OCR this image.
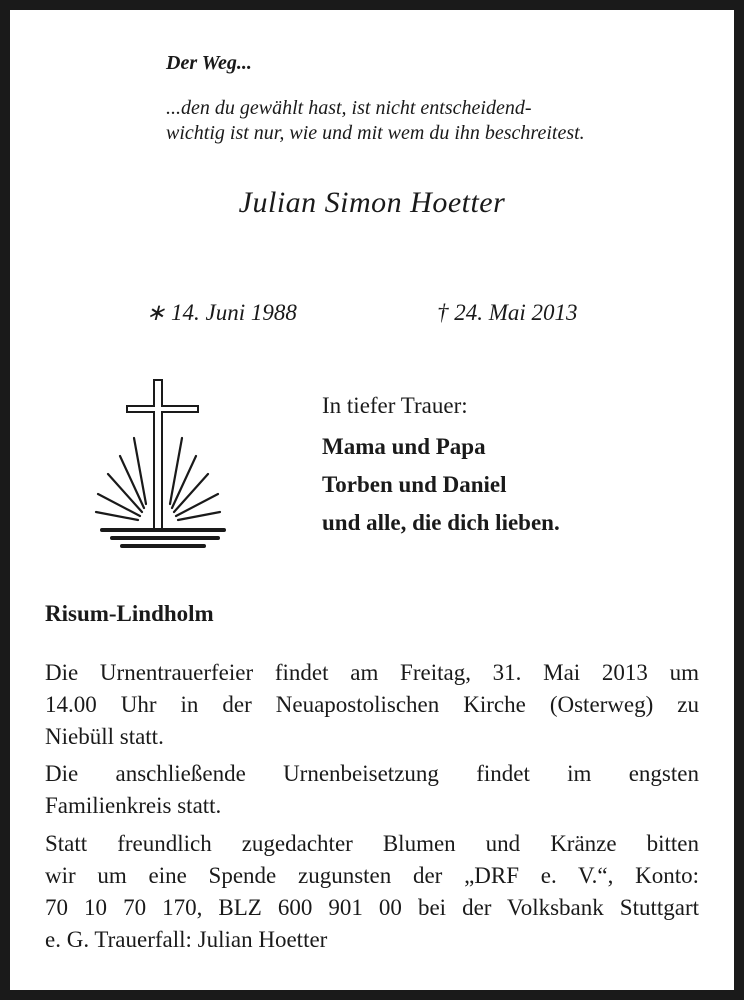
Der Weg...
...den du gewählt hast, ist nicht entscheidend-
wichtig ist nur, wie und mit wem du ihn beschreitest.
Julian Simon Hoetter
∗ 14. Juni 1988	† 24. Mai 2013
In tiefer Trauer:
Mama und Papa
Torben und Daniel
und alle, die dich lieben.
Risum-Lindholm
Die Urnentrauerfeier findet am Freitag, 31. Mai 2013 um
14.00 Uhr in der Neuapostolischen Kirche (Osterweg) zu
Niebüll statt.
Die anschließende Urnenbeisetzung findet im engsten
Familienkreis statt.
Statt freundlich zugedachter Blumen und Kränze bitten
wir um eine Spende zugunsten der „DRF e. V.“, Konto:
70 10 70 170, BLZ 600 901 00 bei der Volksbank Stuttgart
e. G. Trauerfall: Julian Hoetter
